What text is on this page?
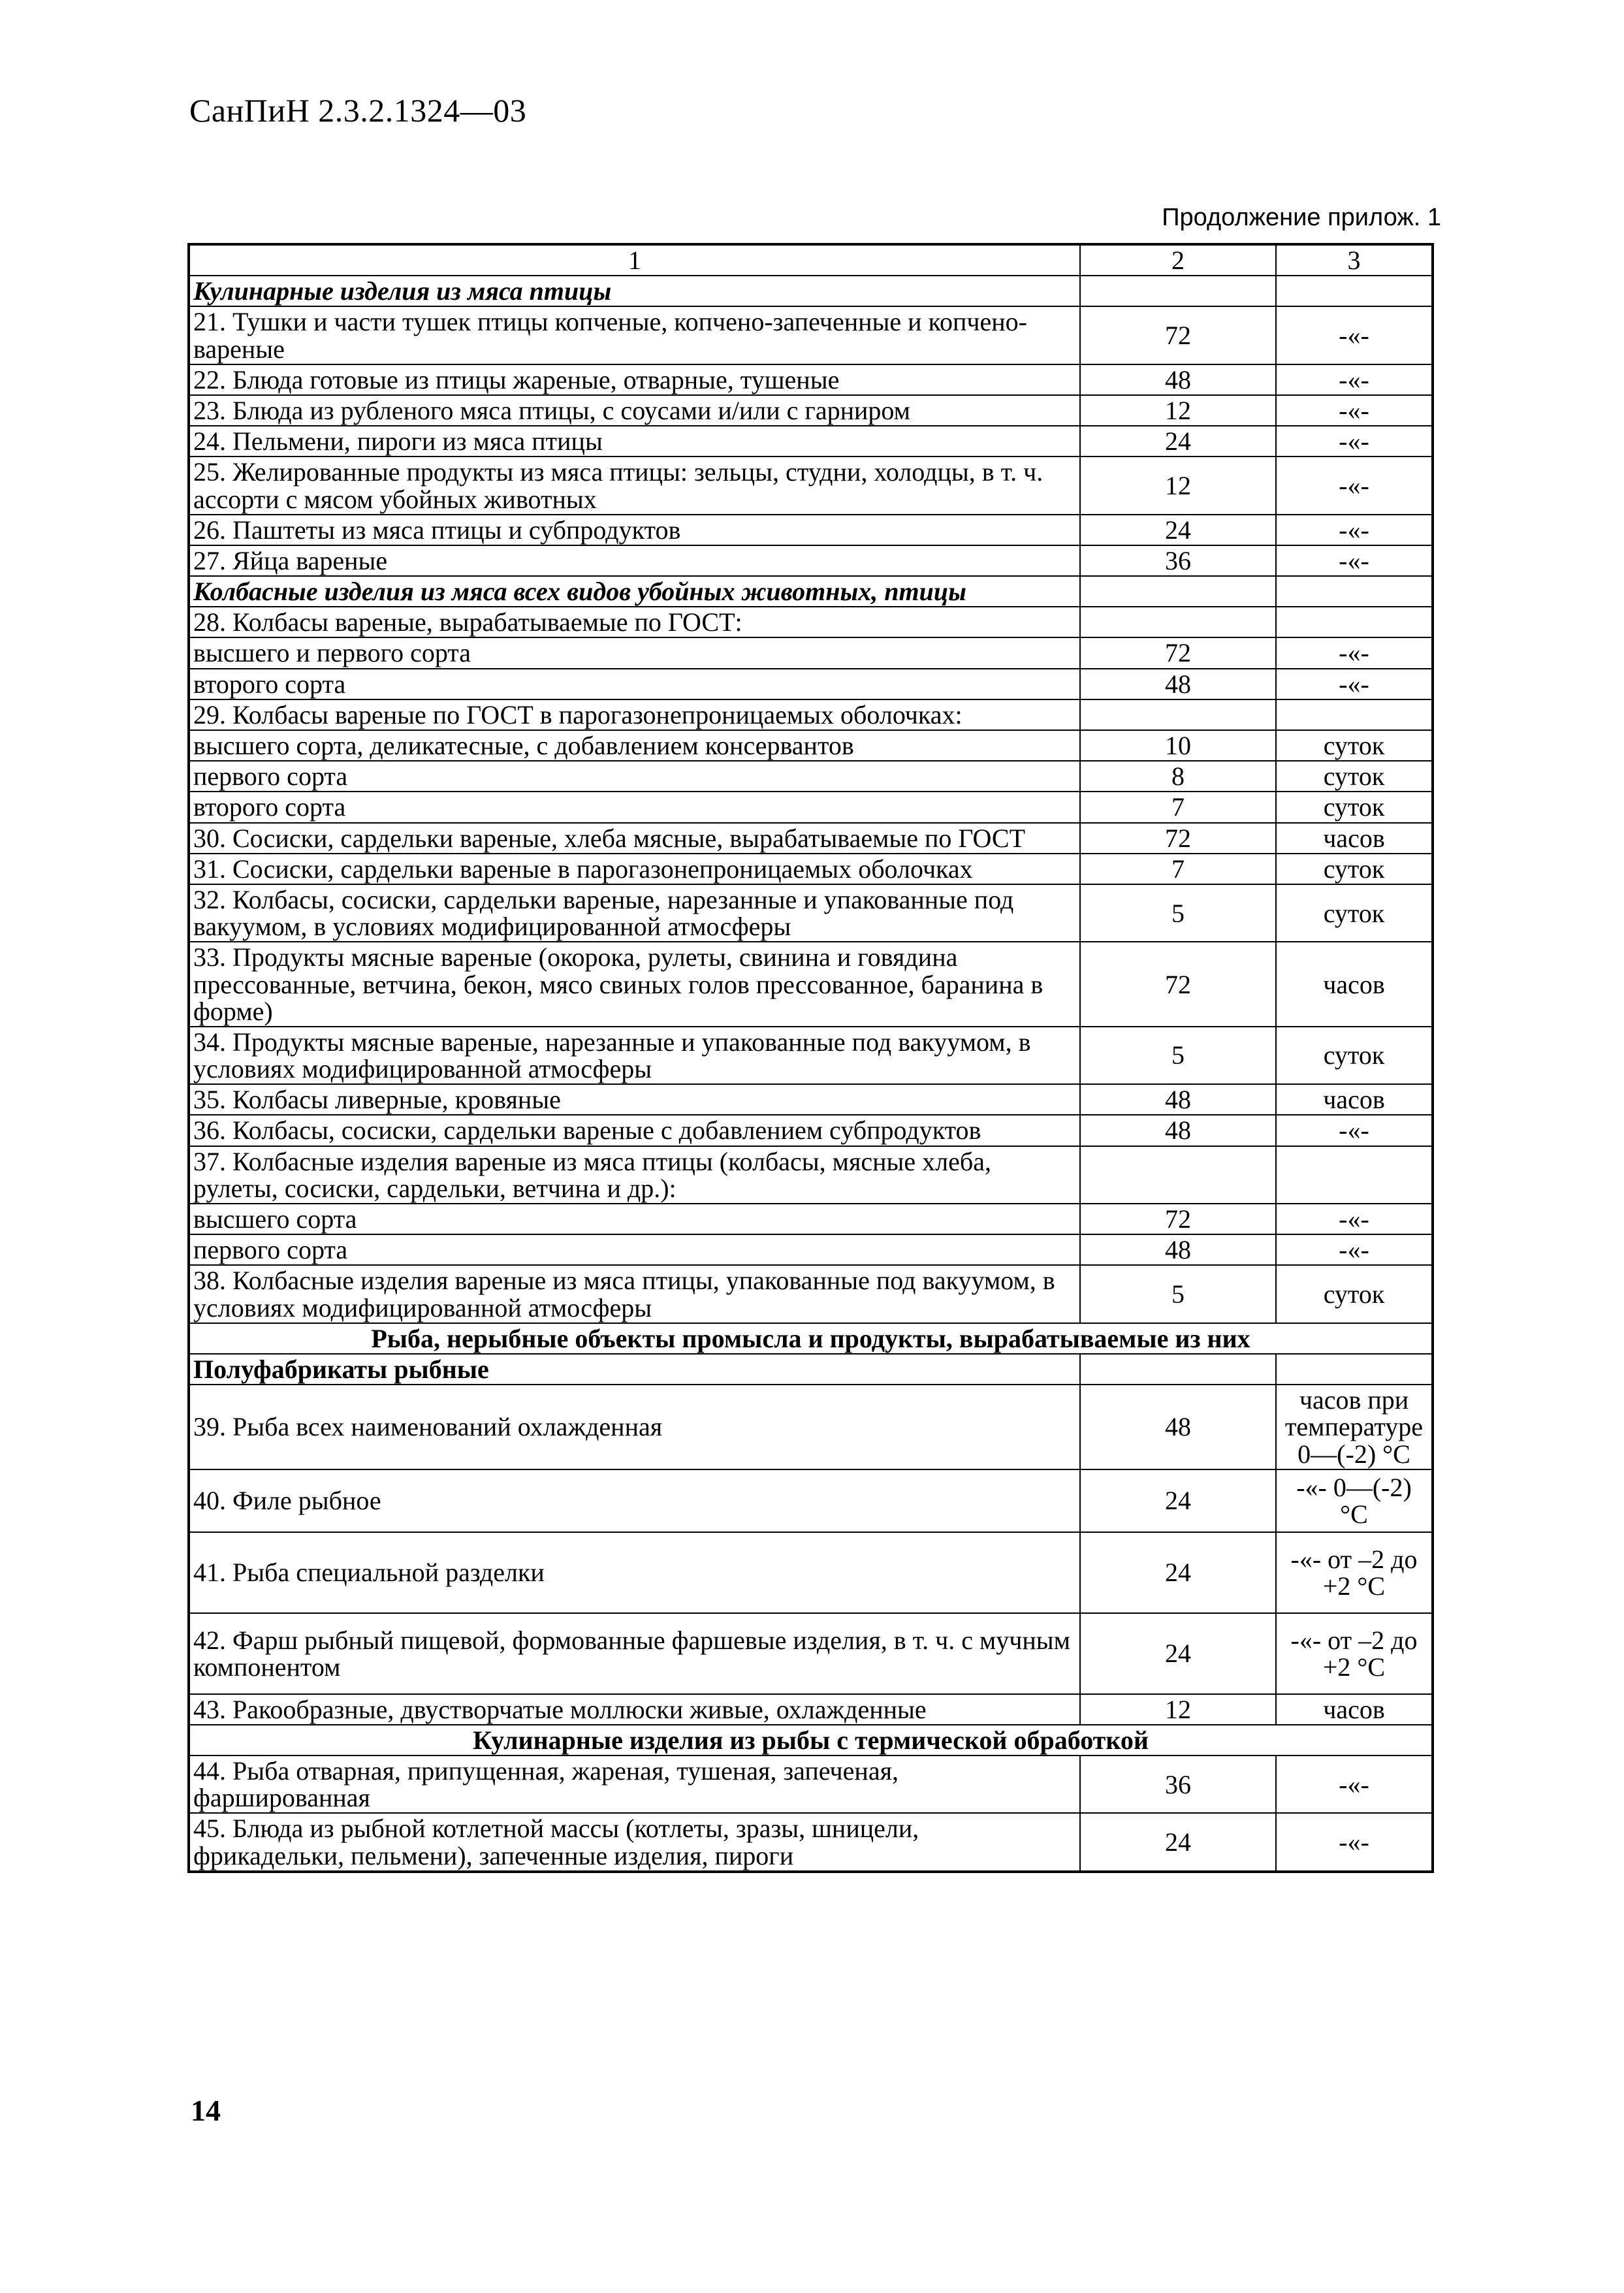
СанПиН 2.3.2.1324—03
Продолжение прилож. 1
1	2	3
Кулинарные изделия из мяса птицы		
21. Тушки и части тушек птицы копченые, копчено-запеченные и копчено-вареные	72	-«-
22. Блюда готовые из птицы жареные, отварные, тушеные	48	-«-
23. Блюда из рубленого мяса птицы, с соусами и/или с гарниром	12	-«-
24. Пельмени, пироги из мяса птицы	24	-«-
25. Желированные продукты из мяса птицы: зельцы, студни, холодцы, в т. ч. ассорти с мясом убойных животных	12	-«-
26. Паштеты из мяса птицы и субпродуктов	24	-«-
27. Яйца вареные	36	-«-
Колбасные изделия из мяса всех видов убойных животных, птицы		
28. Колбасы вареные, вырабатываемые по ГОСТ:		
высшего и первого сорта	72	-«-
второго сорта	48	-«-
29. Колбасы вареные по ГОСТ в парогазонепроницаемых оболочках:		
высшего сорта, деликатесные, с добавлением консервантов	10	суток
первого сорта	8	суток
второго сорта	7	суток
30. Сосиски, сардельки вареные, хлеба мясные, вырабатываемые по ГОСТ	72	часов
31. Сосиски, сардельки вареные в парогазонепроницаемых оболочках	7	суток
32. Колбасы, сосиски, сардельки вареные, нарезанные и упакованные под вакуумом, в условиях модифицированной атмосферы	5	суток
33. Продукты мясные вареные (окорока, рулеты, свинина и говядина прессованные, ветчина, бекон, мясо свиных голов прессованное, баранина в форме)	72	часов
34. Продукты мясные вареные, нарезанные и упакованные под вакуумом, в условиях модифицированной атмосферы	5	суток
35. Колбасы ливерные, кровяные	48	часов
36. Колбасы, сосиски, сардельки вареные с добавлением субпродуктов	48	-«-
37. Колбасные изделия вареные из мяса птицы (колбасы, мясные хлеба, рулеты, сосиски, сардельки, ветчина и др.):		
высшего сорта	72	-«-
первого сорта	48	-«-
38. Колбасные изделия вареные из мяса птицы, упакованные под вакуумом, в условиях модифицированной атмосферы	5	суток
Рыба, нерыбные объекты промысла и продукты, вырабатываемые из них		
Полуфабрикаты рыбные		
39. Рыба всех наименований охлажденная	48	часов при температуре 0—(-2) °С
40. Филе рыбное	24	-«- 0—(-2) °С
41. Рыба специальной разделки	24	-«- от –2 до +2 °С
42. Фарш рыбный пищевой, формованные фаршевые изделия, в т. ч. с мучным компонентом	24	-«- от –2 до +2 °С
43. Ракообразные, двустворчатые моллюски живые, охлажденные	12	часов
Кулинарные изделия из рыбы с термической обработкой		
44. Рыба отварная, припущенная, жареная, тушеная, запеченая, фаршированная	36	-«-
45. Блюда из рыбной котлетной массы (котлеты, зразы, шницели, фрикадельки, пельмени), запеченные изделия, пироги	24	-«-
14
